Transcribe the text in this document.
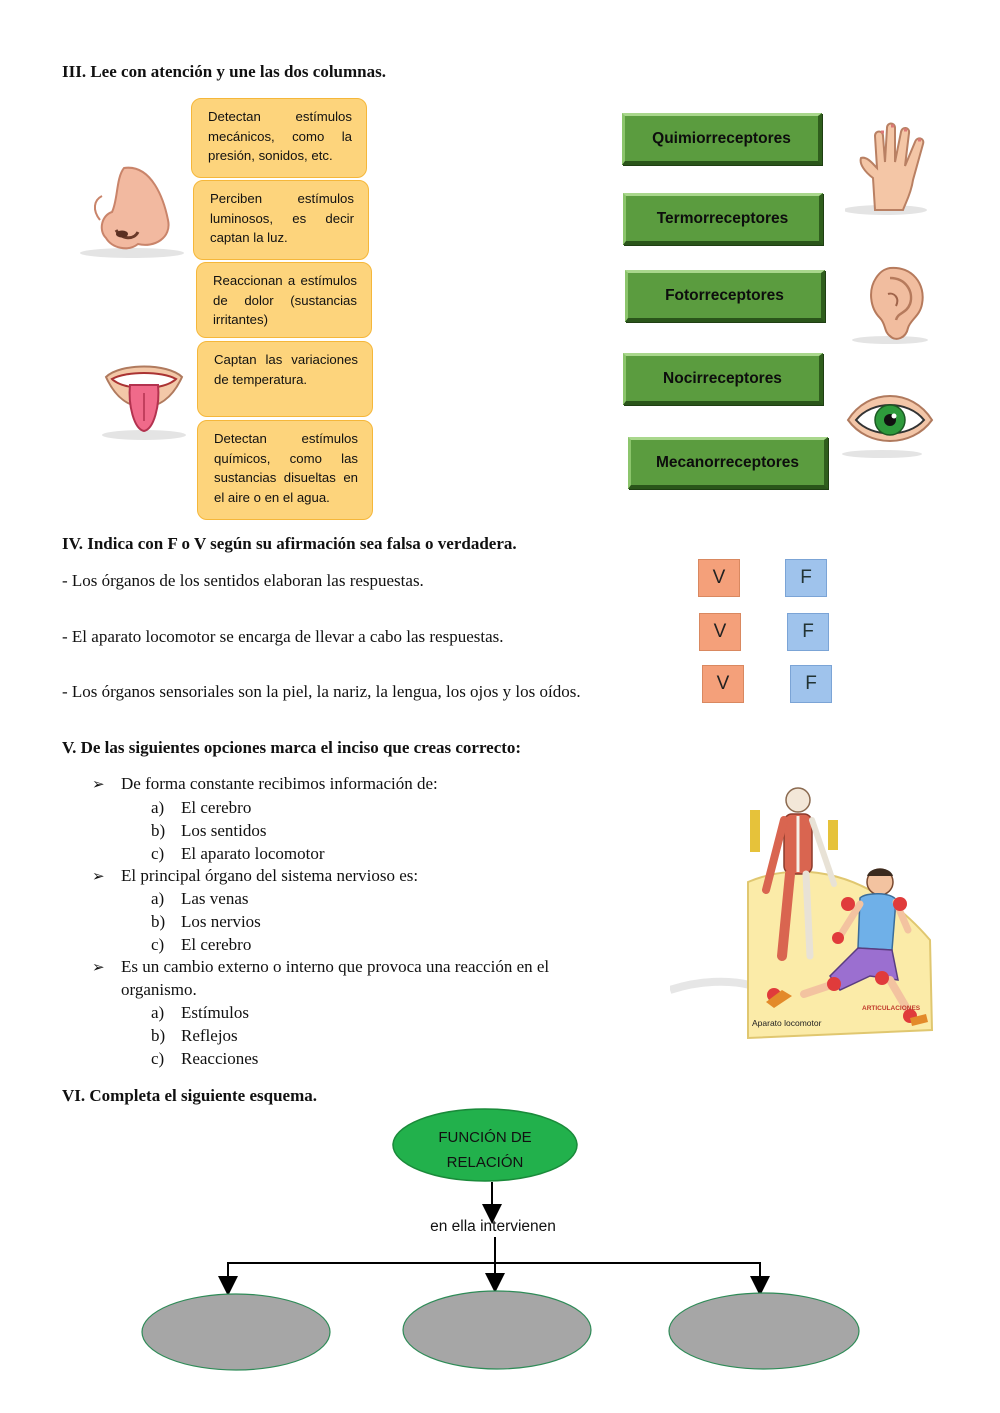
III. Lee con atención y une las dos columnas.
Detectan estímulos mecánicos, como la presión, sonidos, etc.
Perciben estímulos luminosos, es decir captan la luz.
Reaccionan a estímulos de dolor (sustancias irritantes)
Captan las variaciones de temperatura.
Detectan estímulos químicos, como las sustancias disueltas en el aire o en el agua.
Quimiorreceptores
Termorreceptores
Fotorreceptores
Nocirreceptores
Mecanorreceptores
IV. Indica con F o V según su afirmación sea falsa o verdadera.
- Los órganos de los sentidos elaboran las respuestas.
- El aparato locomotor se encarga de llevar a cabo las respuestas.
- Los órganos sensoriales son la piel, la nariz, la lengua, los ojos y los oídos.
V	F
V	F
V	F
V. De las siguientes opciones marca el inciso que creas correcto:
➢ De forma constante recibimos información de:
a) El cerebro
b) Los sentidos
c) El aparato locomotor
➢ El principal órgano del sistema nervioso es:
a) Las venas
b) Los nervios
c) El cerebro
➢ Es un cambio externo o interno que provoca una reacción en el
organismo.
a) Estímulos
b) Reflejos
c) Reacciones
ARTICULACIONES
Aparato locomotor
VI. Completa el siguiente esquema.
FUNCIÓN DE
RELACIÓN
en ella intervienen
